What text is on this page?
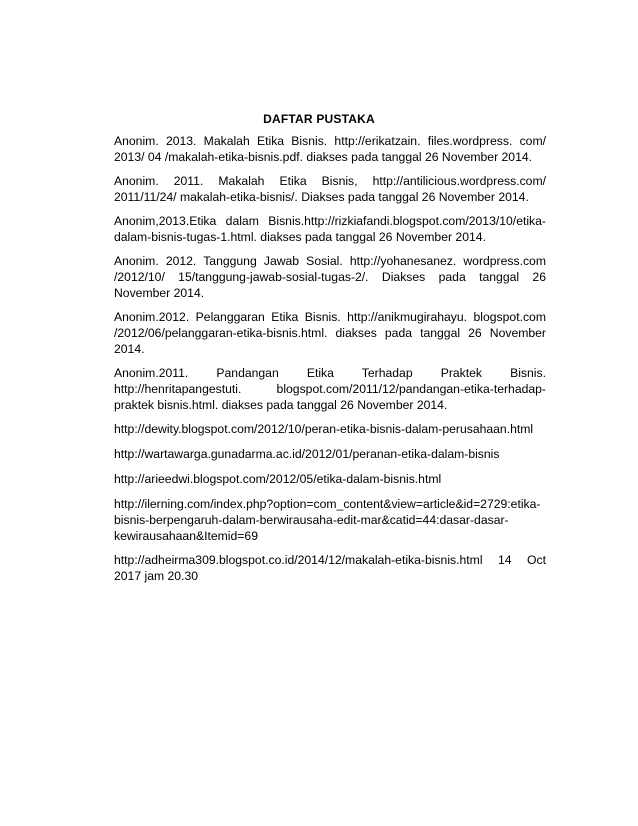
DAFTAR PUSTAKA

Anonim. 2013. Makalah Etika Bisnis. http://erikatzain. files.wordpress. com/ 2013/ 04 /makalah-etika-bisnis.pdf. diakses pada tanggal 26 November 2014.

Anonim. 2011. Makalah Etika Bisnis, http://antilicious.wordpress.com/ 2011/11/24/ makalah-etika-bisnis/. Diakses pada tanggal 26 November 2014.

Anonim,2013.Etika dalam Bisnis.http://rizkiafandi.blogspot.com/2013/10/etika-dalam-bisnis-tugas-1.html. diakses pada tanggal 26 November 2014.

Anonim. 2012. Tanggung Jawab Sosial. http://yohanesanez. wordpress.com /2012/10/ 15/tanggung-jawab-sosial-tugas-2/. Diakses pada tanggal 26 November 2014.

Anonim.2012. Pelanggaran Etika Bisnis. http://anikmugirahayu. blogspot.com /2012/06/pelanggaran-etika-bisnis.html. diakses pada tanggal 26 November 2014.

Anonim.2011. Pandangan Etika Terhadap Praktek Bisnis. http://henritapangestuti. blogspot.com/2011/12/pandangan-etika-terhadap-praktek bisnis.html. diakses pada tanggal 26 November 2014.

http://dewity.blogspot.com/2012/10/peran-etika-bisnis-dalam-perusahaan.html

http://wartawarga.gunadarma.ac.id/2012/01/peranan-etika-dalam-bisnis

http://arieedwi.blogspot.com/2012/05/etika-dalam-bisnis.html

http://ilerning.com/index.php?option=com_content&view=article&id=2729:etika-bisnis-berpengaruh-dalam-berwirausaha-edit-mar&catid=44:dasar-dasar-kewirausahaan&Itemid=69

http://adheirma309.blogspot.co.id/2014/12/makalah-etika-bisnis.html 14 Oct 2017 jam 20.30
